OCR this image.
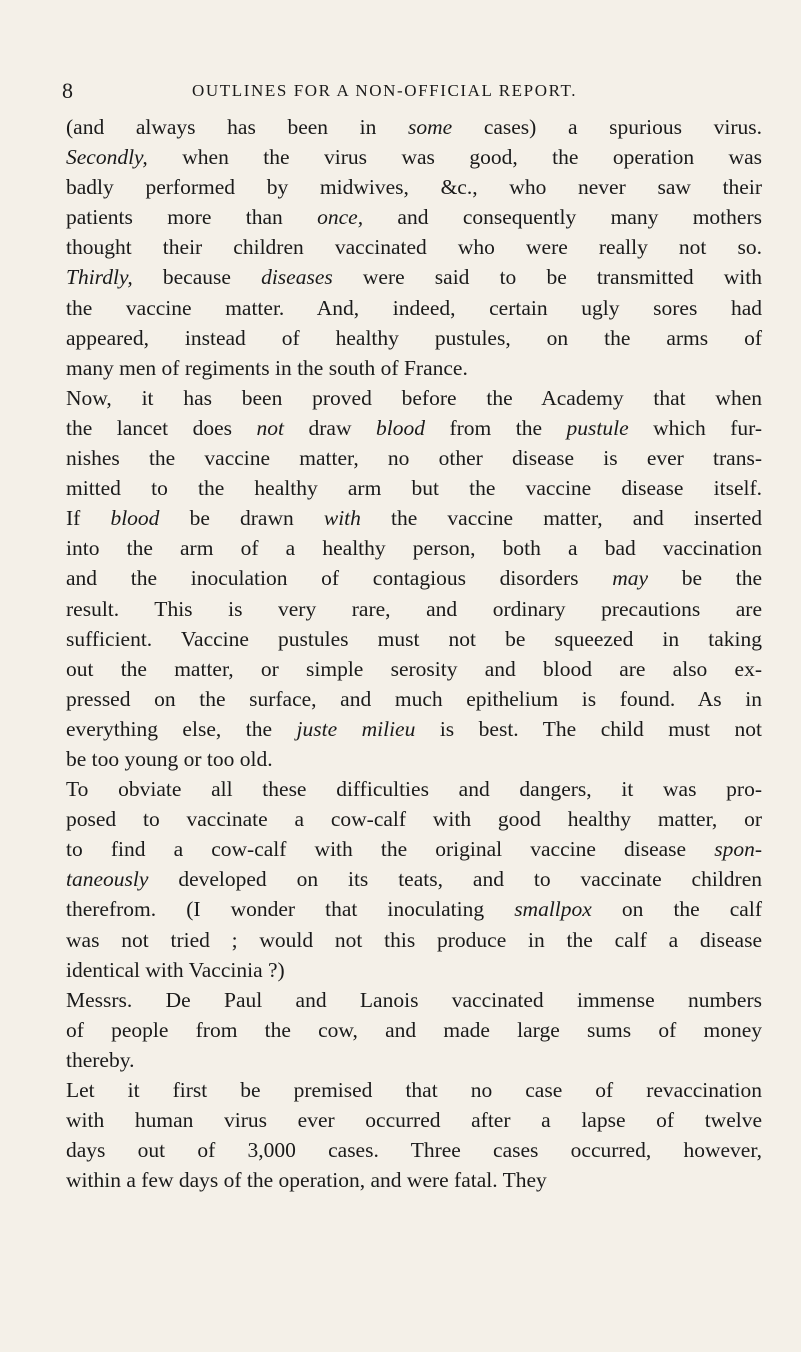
8	OUTLINES FOR A NON-OFFICIAL REPORT.
(and always has been in some cases) a spurious virus.
Secondly, when the virus was good, the operation was
badly performed by midwives, &c., who never saw their
patients more than once, and consequently many mothers
thought their children vaccinated who were really not so.
Thirdly, because diseases were said to be transmitted with
the vaccine matter. And, indeed, certain ugly sores had
appeared, instead of healthy pustules, on the arms of
many men of regiments in the south of France.
Now, it has been proved before the Academy that when
the lancet does not draw blood from the pustule which fur-
nishes the vaccine matter, no other disease is ever trans-
mitted to the healthy arm but the vaccine disease itself.
If blood be drawn with the vaccine matter, and inserted
into the arm of a healthy person, both a bad vaccination
and the inoculation of contagious disorders may be the
result. This is very rare, and ordinary precautions are
sufficient. Vaccine pustules must not be squeezed in taking
out the matter, or simple serosity and blood are also ex-
pressed on the surface, and much epithelium is found. As in
everything else, the juste milieu is best. The child must not
be too young or too old.
To obviate all these difficulties and dangers, it was pro-
posed to vaccinate a cow-calf with good healthy matter, or
to find a cow-calf with the original vaccine disease spon-
taneously developed on its teats, and to vaccinate children
therefrom. (I wonder that inoculating smallpox on the calf
was not tried ; would not this produce in the calf a disease
identical with Vaccinia ?)
Messrs. De Paul and Lanois vaccinated immense numbers
of people from the cow, and made large sums of money
thereby.
Let it first be premised that no case of revaccination
with human virus ever occurred after a lapse of twelve
days out of 3,000 cases. Three cases occurred, however,
within a few days of the operation, and were fatal. They
